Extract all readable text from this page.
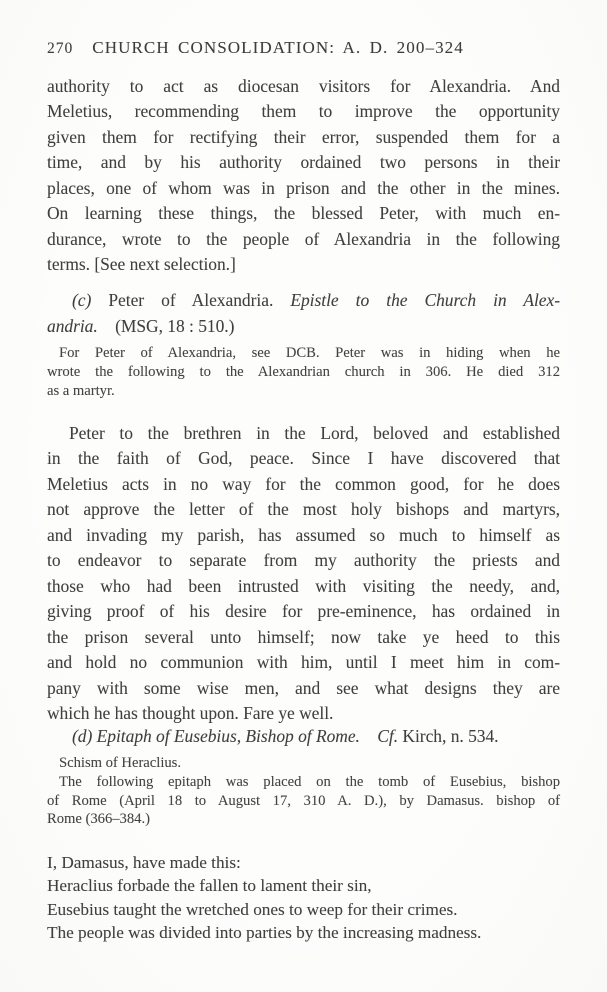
270 CHURCH CONSOLIDATION: A. D. 200–324
authority to act as diocesan visitors for Alexandria. And
Meletius, recommending them to improve the opportunity
given them for rectifying their error, suspended them for a
time, and by his authority ordained two persons in their
places, one of whom was in prison and the other in the mines.
On learning these things, the blessed Peter, with much en-
durance, wrote to the people of Alexandria in the following
terms. [See next selection.]
(c) Peter of Alexandria. Epistle to the Church in Alex-
andria. (MSG, 18 : 510.)
For Peter of Alexandria, see DCB. Peter was in hiding when he
wrote the following to the Alexandrian church in 306. He died 312
as a martyr.
Peter to the brethren in the Lord, beloved and established
in the faith of God, peace. Since I have discovered that
Meletius acts in no way for the common good, for he does
not approve the letter of the most holy bishops and martyrs,
and invading my parish, has assumed so much to himself as
to endeavor to separate from my authority the priests and
those who had been intrusted with visiting the needy, and,
giving proof of his desire for pre-eminence, has ordained in
the prison several unto himself; now take ye heed to this
and hold no communion with him, until I meet him in com-
pany with some wise men, and see what designs they are
which he has thought upon. Fare ye well.
(d) Epitaph of Eusebius, Bishop of Rome. Cf. Kirch, n. 534.
Schism of Heraclius.
The following epitaph was placed on the tomb of Eusebius, bishop
of Rome (April 18 to August 17, 310 A. D.), by Damasus. bishop of
Rome (366–384.)
I, Damasus, have made this:
Heraclius forbade the fallen to lament their sin,
Eusebius taught the wretched ones to weep for their crimes.
The people was divided into parties by the increasing madness.
